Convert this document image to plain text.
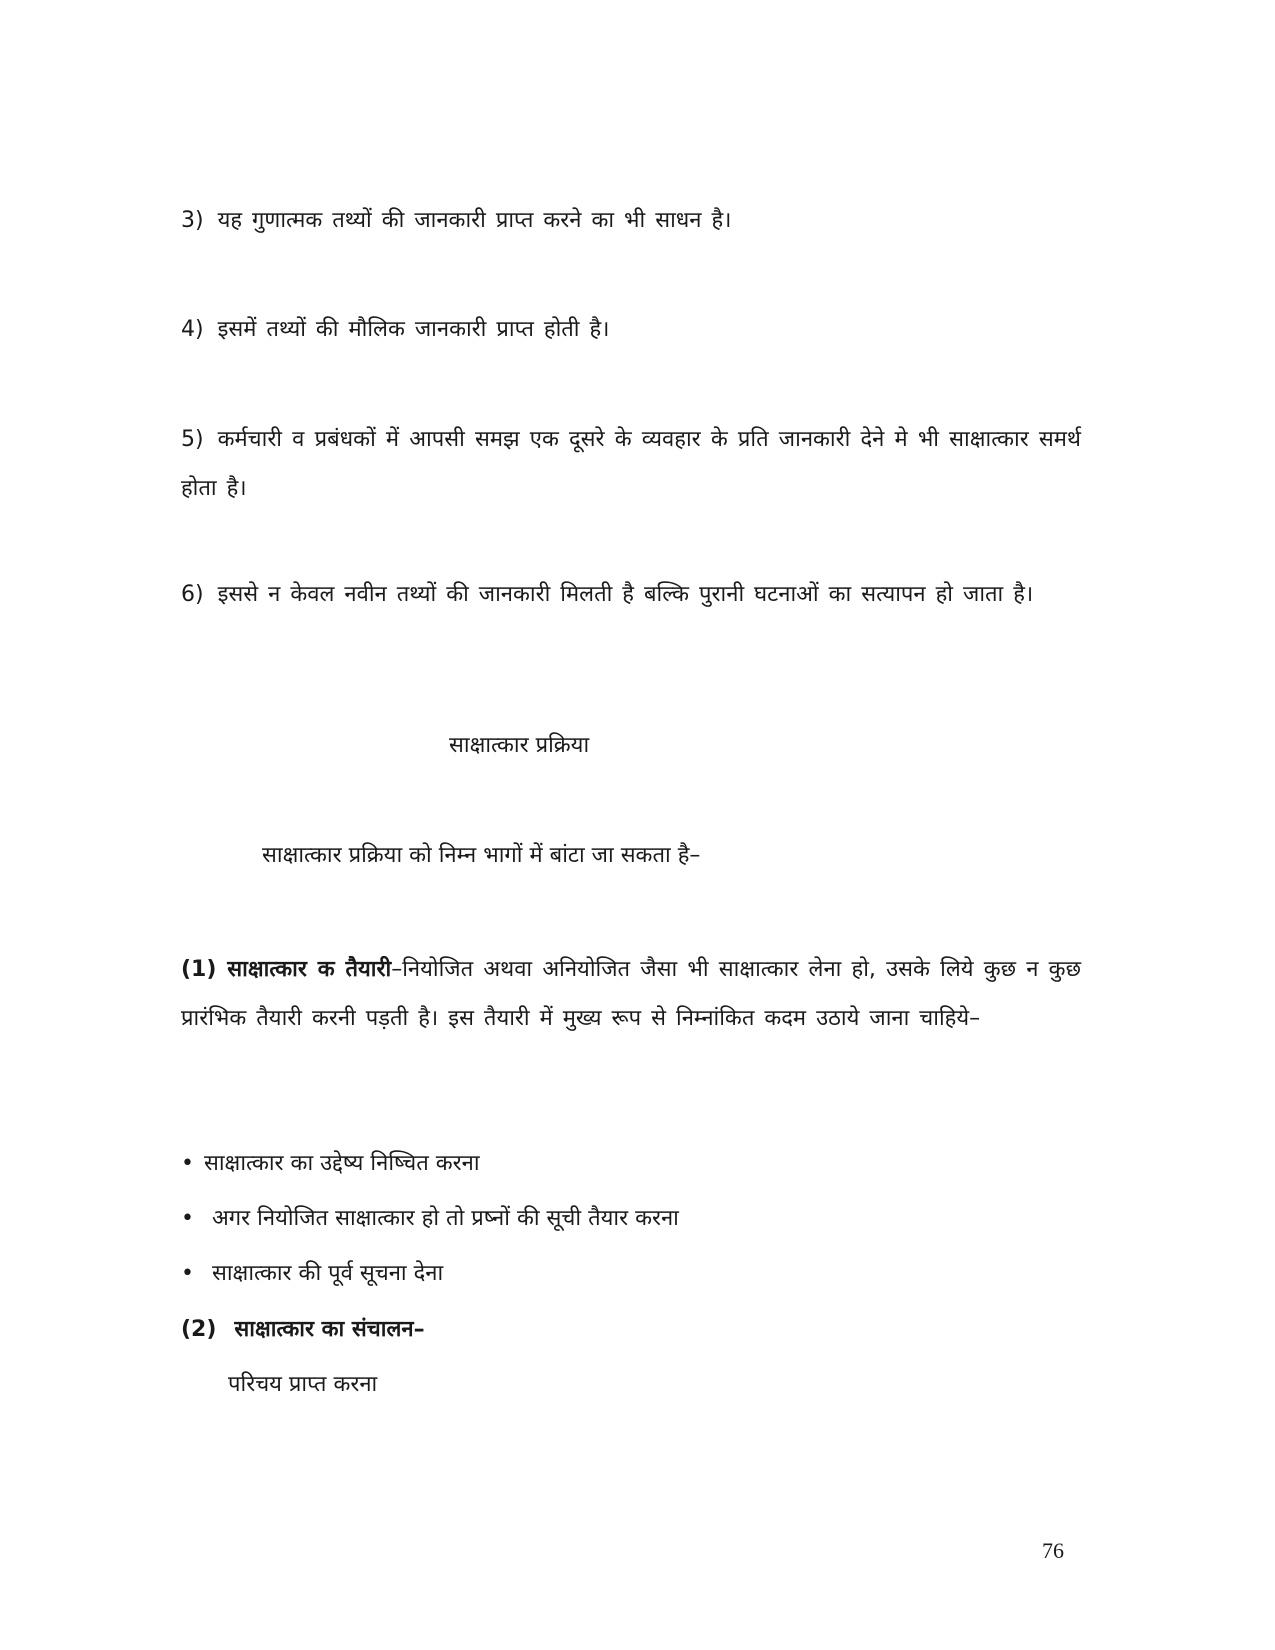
3) यह गुणात्मक तथ्यों की जानकारी प्राप्त करने का भी साधन है।
4) इसमें तथ्यों की मौलिक जानकारी प्राप्त होती है।
5) कर्मचारी व प्रबंधकों में आपसी समझ एक दूसरे के व्यवहार के प्रति जानकारी देने मे भी साक्षात्कार समर्थ होता है।
6) इससे न केवल नवीन तथ्यों की जानकारी मिलती है बल्कि पुरानी घटनाओं का सत्यापन हो जाता है।
साक्षात्कार प्रक्रिया
साक्षात्कार प्रक्रिया को निम्न भागों में बांटा जा सकता है–
(1) साक्षात्कार क तैयारी–नियोजित अथवा अनियोजित जैसा भी साक्षात्कार लेना हो, उसके लिये कुछ न कुछ प्रारंभिक तैयारी करनी पड़ती है। इस तैयारी में मुख्य रूप से निम्नांकित कदम उठाये जाना चाहिये–
• साक्षात्कार का उद्देष्य निष्चित करना
• अगर नियोजित साक्षात्कार हो तो प्रष्नों की सूची तैयार करना
• साक्षात्कार की पूर्व सूचना देना
(2) साक्षात्कार का संचालन–
परिचय प्राप्त करना
76
